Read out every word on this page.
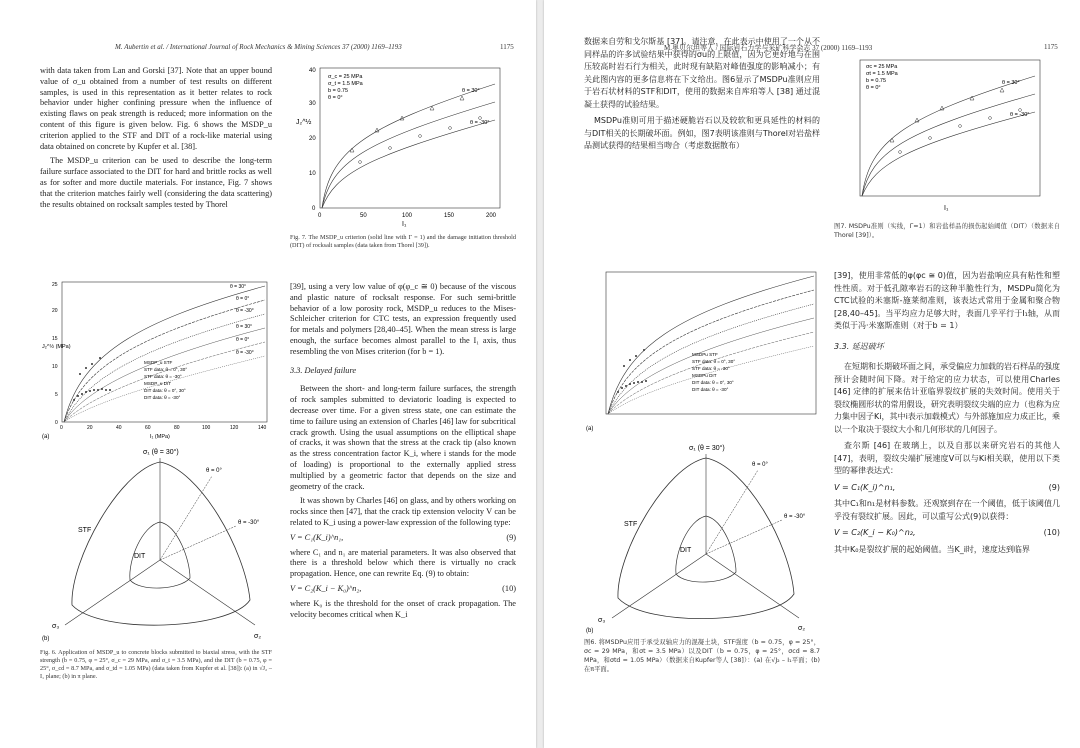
M. Aubertin et al. / International Journal of Rock Mechanics & Mining Sciences 37 (2000) 1169–1193	1175

with data taken from Lan and Gorski [37]. Note that an upper bound value of σ_u obtained from a number of test results on different samples, is used in this representation as it better relates to rock behavior under higher confining pressure when the influence of existing flaws on peak strength is reduced; more information on the content of this figure is given below. Fig. 6 shows the MSDP_u criterion applied to the STF and DIT of a rock-like material using data obtained on concrete by Kupfer et al. [38].

The MSDP_u criterion can be used to describe the long-term failure surface associated to the DIT for hard and brittle rocks as well as for softer and more ductile materials. For instance, Fig. 7 shows that the criterion matches fairly well (considering the data scattering) the results obtained on rocksalt samples tested by Thorel

J₂^½
I₁
0	50	100	150	200
0
10
20
30
40
σ_c = 25 MPa
σ_t = 1.5 MPa
b = 0.75
θ = 0°
θ = 30°
θ = -30°
Fig. 7. The MSDP_u criterion (solid line with Γ = 1) and the damage initiation threshold (DIT) of rocksalt samples (data taken from Thorel [39]).
J₂^½ (MPa)
I₁ (MPa)
0	20	40	60	80	100	120	140
0
5
10
15
20
25	θ = 30°
θ = 0°
θ = -30°
θ = 30°
θ = 0°
θ = -30°
MSDP_u STF
STF data: θ = 0°, 30°
STF data: θ = -30°
MSDP_u DIT
DIT data: θ = 0°, 30°
DIT data: θ = -30°
(a)
σ₁ (θ = 30°)
STF
DIT
θ = 0°
θ = -30°
σ₃
σ₂
(b)
Fig. 6. Application of MSDP_u to concrete blocks submitted to biaxial stress, with the STF strength (b = 0.75, φ = 25°, σ_c = 29 MPa, and σ_t = 3.5 MPa), and the DIT (b = 0.75, φ = 25°, σ_cd = 8.7 MPa, and σ_td = 1.05 MPa) (data taken from Kupfer et al. [38]): (a) in √J₂ – I₁ plane; (b) in π plane.

[39], using a very low value of φ(φ_c ≅ 0) because of the viscous and plastic nature of rocksalt response. For such semi-brittle behavior of a low porosity rock, MSDP_u reduces to the Mises-Schleicher criterion for CTC tests, an expression frequently used for metals and polymers [28,40–45]. When the mean stress is large enough, the surface becomes almost parallel to the I₁ axis, thus resembling the von Mises criterion (for b = 1).

3.3. Delayed failure

Between the short- and long-term failure surfaces, the strength of rock samples submitted to deviatoric loading is expected to decrease over time. For a given stress state, one can estimate the time to failure using an extension of Charles [46] law for subcritical crack growth. Using the usual assumptions on the elliptical shape of cracks, it was shown that the stress at the crack tip (also known as the stress concentration factor K_i, where i stands for the mode of loading) is proportional to the externally applied stress multiplied by a geometric factor that depends on the size and geometry of the crack.

It was shown by Charles [46] on glass, and by others working on rocks since then [47], that the crack tip extension velocity V can be related to K_i using a power-law expression of the following type:

V = C₁(K_i)^n₁,	(9)

where C₁ and n₁ are material parameters. It was also observed that there is a threshold below which there is virtually no crack propagation. Hence, one can rewrite Eq. (9) to obtain:

V = C₂(K_i − K₀)^n₂,	(10)

where K₀ is the threshold for the onset of crack propagation. The velocity becomes critical when K_i

M.奥贝尔坦等人 / 国际岩石力学与采矿科学杂志 37 (2000) 1169–1193	1175

数据来自劳和戈尔斯基 [37]。请注意，在此表示中使用了一个从不同样品的许多试验结果中获得的σu的上限值，因为它更好地与在围压较高时岩石行为相关，此时现有缺陷对峰值强度的影响减小；有关此图内容的更多信息将在下文给出。图6显示了MSDPu准则应用于岩石状材料的STF和DIT，使用的数据来自库珀等人 [38] 通过混凝土获得的试验结果。

MSDPu准则可用于描述硬脆岩石以及较软和更具延性的材料的与DIT相关的长期破坏面。例如，图7表明该准则与Thorel对岩盐样品测试获得的结果相当吻合（考虑数据散布）

I₁
σc = 25 MPa
σt = 1.5 MPa
b = 0.75
θ = 0°
θ = 30°
θ = -30°
图7. MSDPu准则（实线，Γ=1）和岩盐样品的损伤起始阈值（DIT）（数据来自Thorel [39]）。
MSDPu STF
STF data: θ = 0°, 30°
STF data: θ = -30°
MSDPu DIT
DIT data: θ = 0°, 30°
DIT data: θ = -30°
(a)
σ₁ (θ = 30°)
STF
DIT
θ = 0°
θ = -30°
σ₃
σ₂
(b)
图6. 将MSDPu应用于承受双轴应力的混凝土块，STF强度（b = 0.75，φ = 25°，σc = 29 MPa，和σt = 3.5 MPa）以及DIT（b = 0.75，φ = 25°，σcd = 8.7 MPa，和σtd = 1.05 MPa）（数据来自Kupfer等人 [38]）：(a) 在√J₂ – I₁平面；(b) 在π平面。

[39]，使用非常低的φ(φc ≅ 0)值，因为岩盐响应具有粘性和塑性性质。对于低孔隙率岩石的这种半脆性行为，MSDPu简化为CTC试验的米塞斯-施莱彻准则，该表达式常用于金属和聚合物[28,40–45]。当平均应力足够大时，表面几乎平行于I₁轴，从而类似于冯·米塞斯准则（对于b = 1）

3.3. 延迟破坏

在短期和长期破坏面之间，承受偏应力加载的岩石样品的强度预计会随时间下降。对于给定的应力状态，可以使用Charles [46] 定律的扩展来估计亚临界裂纹扩展的失效时间。使用关于裂纹椭圆形状的常用假设，研究表明裂纹尖端的应力（也称为应力集中因子Ki，其中i表示加载模式）与外部施加应力成正比，乘以一个取决于裂纹大小和几何形状的几何因子。

查尔斯 [46] 在玻璃上，以及自那以来研究岩石的其他人 [47]，表明，裂纹尖端扩展速度V可以与Ki相关联，使用以下类型的幂律表达式：

V = C₁(K_i)^n₁,	(9)

其中C₁和n₁是材料参数。还观察到存在一个阈值，低于该阈值几乎没有裂纹扩展。因此，可以重写公式(9)以获得：

V = C₂(K_i − K₀)^n₂,	(10)

其中K₀是裂纹扩展的起始阈值。当K_i时，速度达到临界
